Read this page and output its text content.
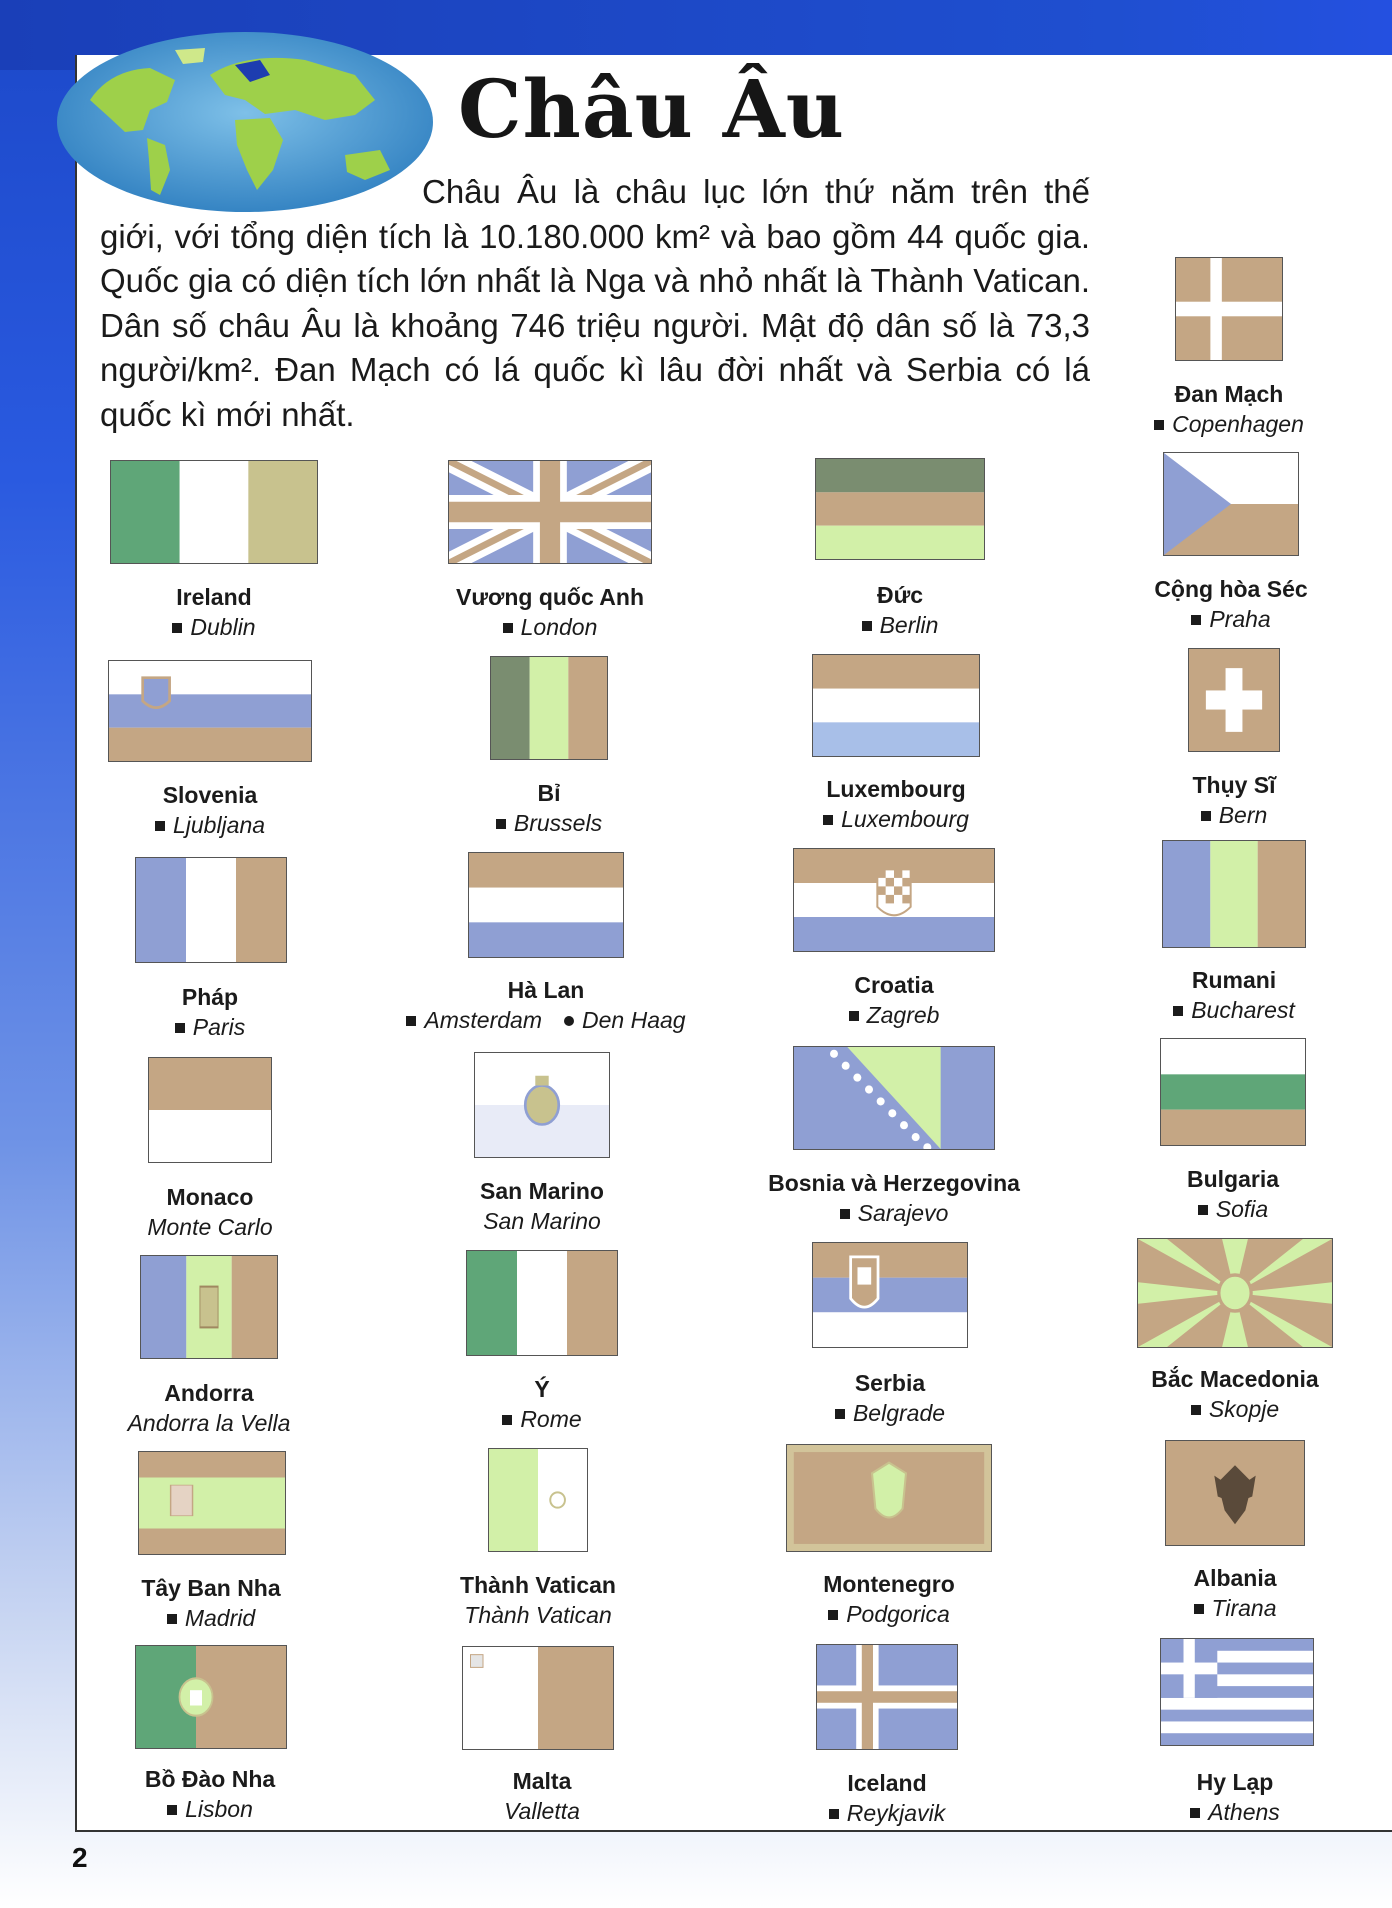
Châu Âu

Châu Âu là châu lục lớn thứ năm trên thế giới, với tổng diện tích là 10.180.000 km² và bao gồm 44 quốc gia. Quốc gia có diện tích lớn nhất là Nga và nhỏ nhất là Thành Vatican. Dân số châu Âu là khoảng 746 triệu người. Mật độ dân số là 73,3 người/km². Đan Mạch có lá quốc kì lâu đời nhất và Serbia có lá quốc kì mới nhất.

Ireland
Dublin
Vương quốc Anh
London
Đức
Berlin
Cộng hòa Séc
Praha
Đan Mạch
Copenhagen
Slovenia
Ljubljana
Bỉ
Brussels
Luxembourg
Luxembourg
Thụy Sĩ
Bern
Pháp
Paris
Hà Lan
Amsterdam Den Haag
Croatia
Zagreb
Rumani
Bucharest
Monaco
Monte Carlo
San Marino
San Marino
Bosnia và Herzegovina
Sarajevo
Bulgaria
Sofia
Andorra
Andorra la Vella
Ý
Rome
Serbia
Belgrade
Bắc Macedonia
Skopje
Tây Ban Nha
Madrid
Thành Vatican
Thành Vatican
Montenegro
Podgorica
Albania
Tirana
Bồ Đào Nha
Lisbon
Malta
Valletta
Iceland
Reykjavik
Hy Lạp
Athens
2
